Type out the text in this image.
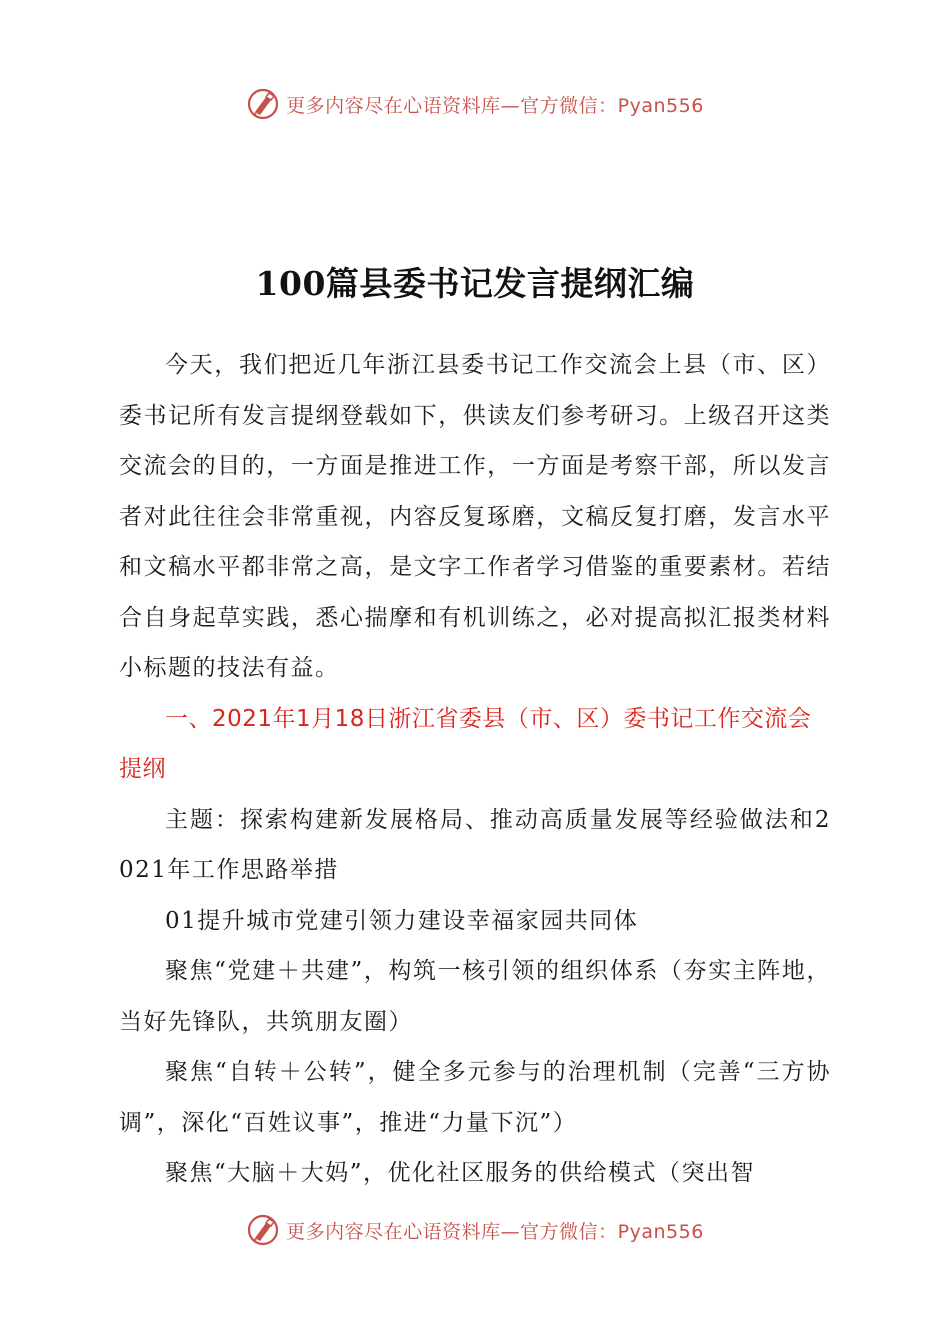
更多内容尽在心语资料库—官方微信：Pyan556
100篇县委书记发言提纲汇编

今天，我们把近几年浙江县委书记工作交流会上县（市、区）委书记所有发言提纲登载如下，供读友们参考研习。上级召开这类交流会的目的，一方面是推进工作，一方面是考察干部，所以发言者对此往往会非常重视，内容反复琢磨，文稿反复打磨，发言水平和文稿水平都非常之高，是文字工作者学习借鉴的重要素材。若结合自身起草实践，悉心揣摩和有机训练之，必对提高拟汇报类材料小标题的技法有益。

一、2021年1月18日浙江省委县（市、区）委书记工作交流会提纲

主题：探索构建新发展格局、推动高质量发展等经验做法和2021年工作思路举措

01提升城市党建引领力建设幸福家园共同体

聚焦“党建＋共建”，构筑一核引领的组织体系（夯实主阵地，当好先锋队，共筑朋友圈）

聚焦“自转＋公转”，健全多元参与的治理机制（完善“三方协调”，深化“百姓议事”，推进“力量下沉”）

聚焦“大脑＋大妈”，优化社区服务的供给模式（突出智

更多内容尽在心语资料库—官方微信：Pyan556
